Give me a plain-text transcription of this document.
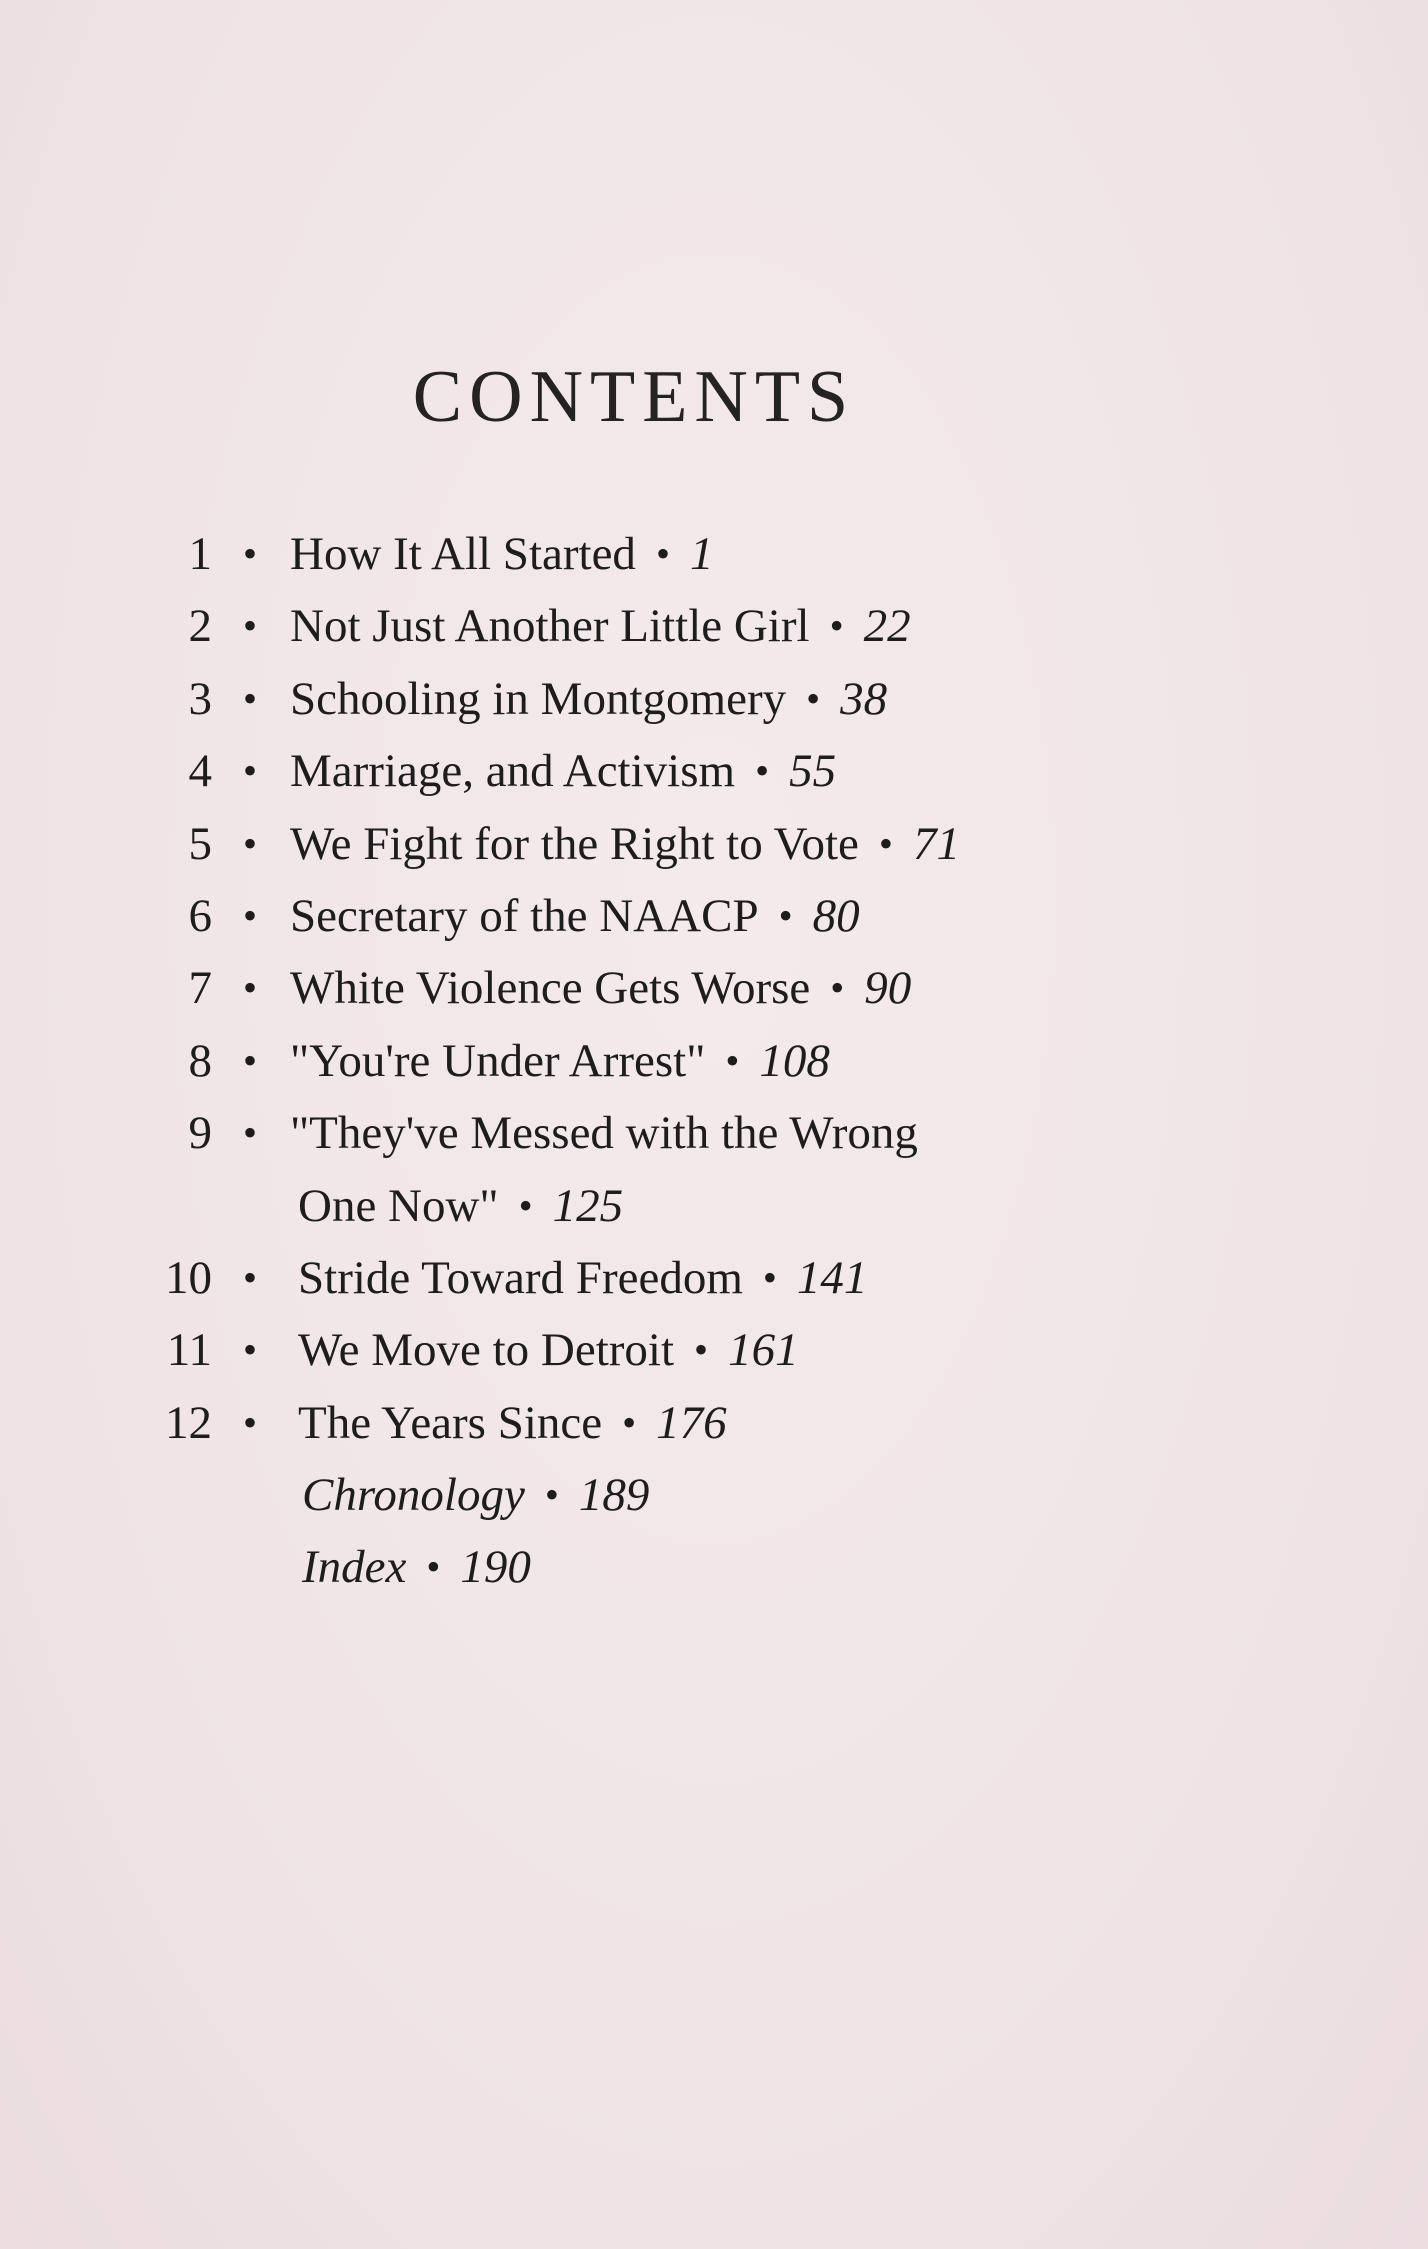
CONTENTS
1 • How It All Started • 1
2 • Not Just Another Little Girl • 22
3 • Schooling in Montgomery • 38
4 • Marriage, and Activism • 55
5 • We Fight for the Right to Vote • 71
6 • Secretary of the NAACP • 80
7 • White Violence Gets Worse • 90
8 • "You're Under Arrest" • 108
9 • "They've Messed with the Wrong
One Now" • 125
10 • Stride Toward Freedom • 141
11 • We Move to Detroit • 161
12 • The Years Since • 176
Chronology • 189
Index • 190
